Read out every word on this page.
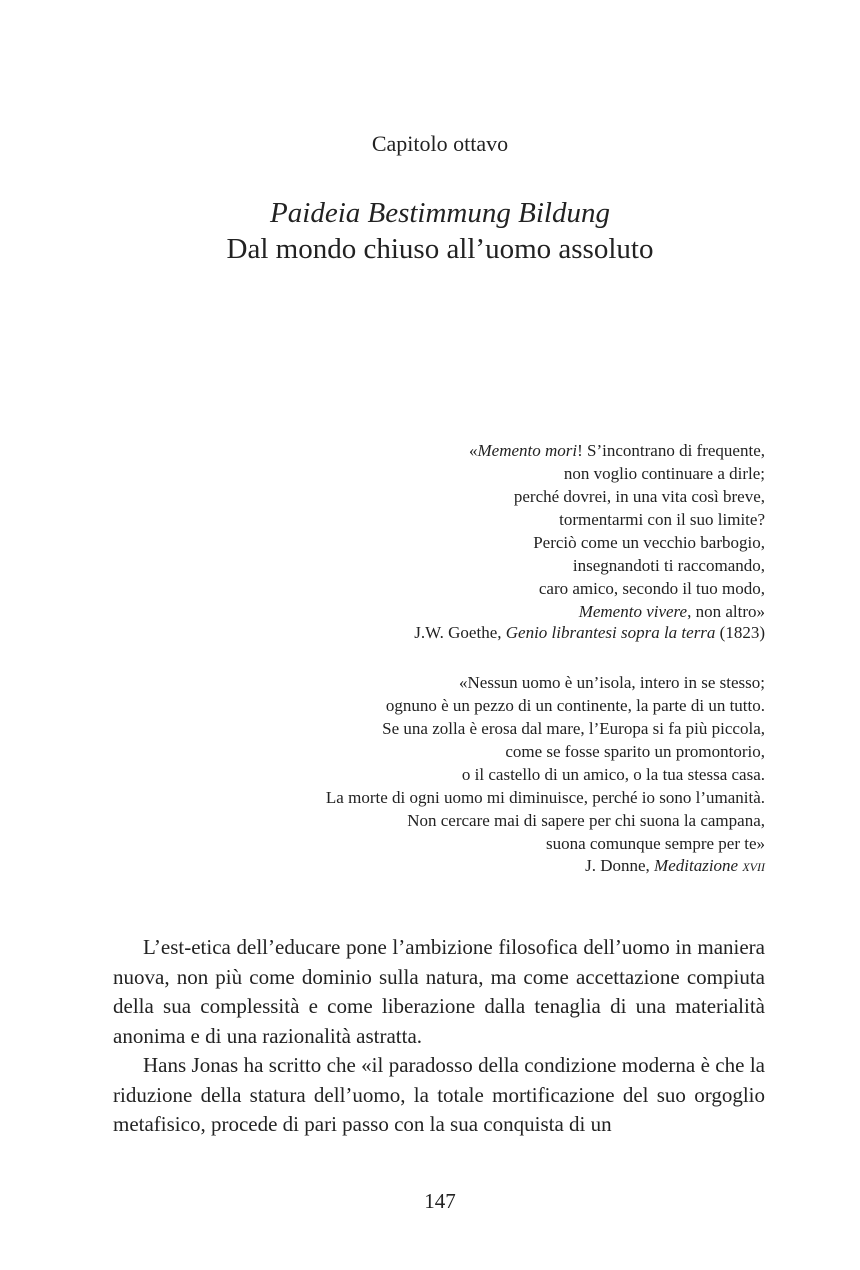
Capitolo ottavo
Paideia Bestimmung Bildung
Dal mondo chiuso all’uomo assoluto
«Memento mori! S’incontrano di frequente,
non voglio continuare a dirle;
perché dovrei, in una vita così breve,
tormentarmi con il suo limite?
Perciò come un vecchio barbogio,
insegnandoti ti raccomando,
caro amico, secondo il tuo modo,
Memento vivere, non altro»
J.W. Goethe, Genio librantesi sopra la terra (1823)
«Nessun uomo è un’isola, intero in se stesso;
ognuno è un pezzo di un continente, la parte di un tutto.
Se una zolla è erosa dal mare, l’Europa si fa più piccola,
come se fosse sparito un promontorio,
o il castello di un amico, o la tua stessa casa.
La morte di ogni uomo mi diminuisce, perché io sono l’umanità.
Non cercare mai di sapere per chi suona la campana,
suona comunque sempre per te»
J. Donne, Meditazione xvii

L’est-etica dell’educare pone l’ambizione filosofica dell’uomo in maniera nuova, non più come dominio sulla natura, ma come accettazione compiuta della sua complessità e come liberazione dalla tenaglia di una materialità anonima e di una razionalità astratta.

Hans Jonas ha scritto che «il paradosso della condizione moderna è che la riduzione della statura dell’uomo, la totale mortificazione del suo orgoglio metafisico, procede di pari passo con la sua conquista di un

147
